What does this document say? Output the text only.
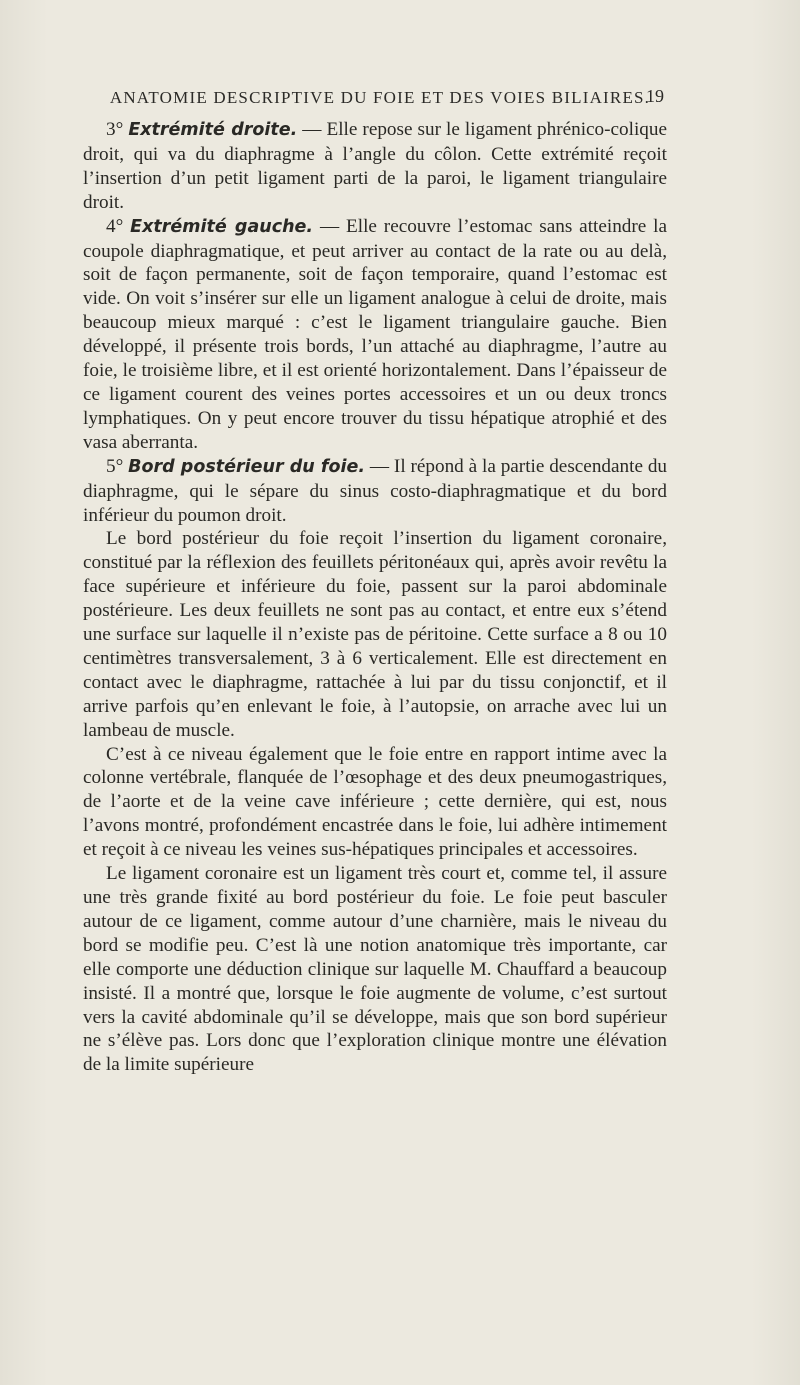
ANATOMIE DESCRIPTIVE DU FOIE ET DES VOIES BILIAIRES.
19

3° Extrémité droite. — Elle repose sur le ligament phrénico-colique droit, qui va du diaphragme à l’angle du côlon. Cette extrémité reçoit l’insertion d’un petit ligament parti de la paroi, le ligament triangulaire droit.

4° Extrémité gauche. — Elle recouvre l’estomac sans atteindre la coupole diaphragmatique, et peut arriver au contact de la rate ou au delà, soit de façon permanente, soit de façon temporaire, quand l’estomac est vide. On voit s’insérer sur elle un ligament analogue à celui de droite, mais beaucoup mieux marqué : c’est le ligament triangulaire gauche. Bien développé, il présente trois bords, l’un attaché au diaphragme, l’autre au foie, le troisième libre, et il est orienté horizontalement. Dans l’épaisseur de ce ligament courent des veines portes accessoires et un ou deux troncs lymphatiques. On y peut encore trouver du tissu hépatique atrophié et des vasa aberranta.

5° Bord postérieur du foie. — Il répond à la partie descendante du diaphragme, qui le sépare du sinus costo-diaphragmatique et du bord inférieur du poumon droit.

Le bord postérieur du foie reçoit l’insertion du ligament coronaire, constitué par la réflexion des feuillets péritonéaux qui, après avoir revêtu la face supérieure et inférieure du foie, passent sur la paroi abdominale postérieure. Les deux feuillets ne sont pas au contact, et entre eux s’étend une surface sur laquelle il n’existe pas de péritoine. Cette surface a 8 ou 10 centimètres transversalement, 3 à 6 verticalement. Elle est directement en contact avec le diaphragme, rattachée à lui par du tissu conjonctif, et il arrive parfois qu’en enlevant le foie, à l’autopsie, on arrache avec lui un lambeau de muscle.

C’est à ce niveau également que le foie entre en rapport intime avec la colonne vertébrale, flanquée de l’œsophage et des deux pneumogastriques, de l’aorte et de la veine cave inférieure ; cette dernière, qui est, nous l’avons montré, profondément encastrée dans le foie, lui adhère intimement et reçoit à ce niveau les veines sus-hépatiques principales et accessoires.

Le ligament coronaire est un ligament très court et, comme tel, il assure une très grande fixité au bord postérieur du foie. Le foie peut basculer autour de ce ligament, comme autour d’une charnière, mais le niveau du bord se modifie peu. C’est là une notion anatomique très importante, car elle comporte une déduction clinique sur laquelle M. Chauffard a beaucoup insisté. Il a montré que, lorsque le foie augmente de volume, c’est surtout vers la cavité abdominale qu’il se développe, mais que son bord supérieur ne s’élève pas. Lors donc que l’exploration clinique montre une élévation de la limite supérieure
